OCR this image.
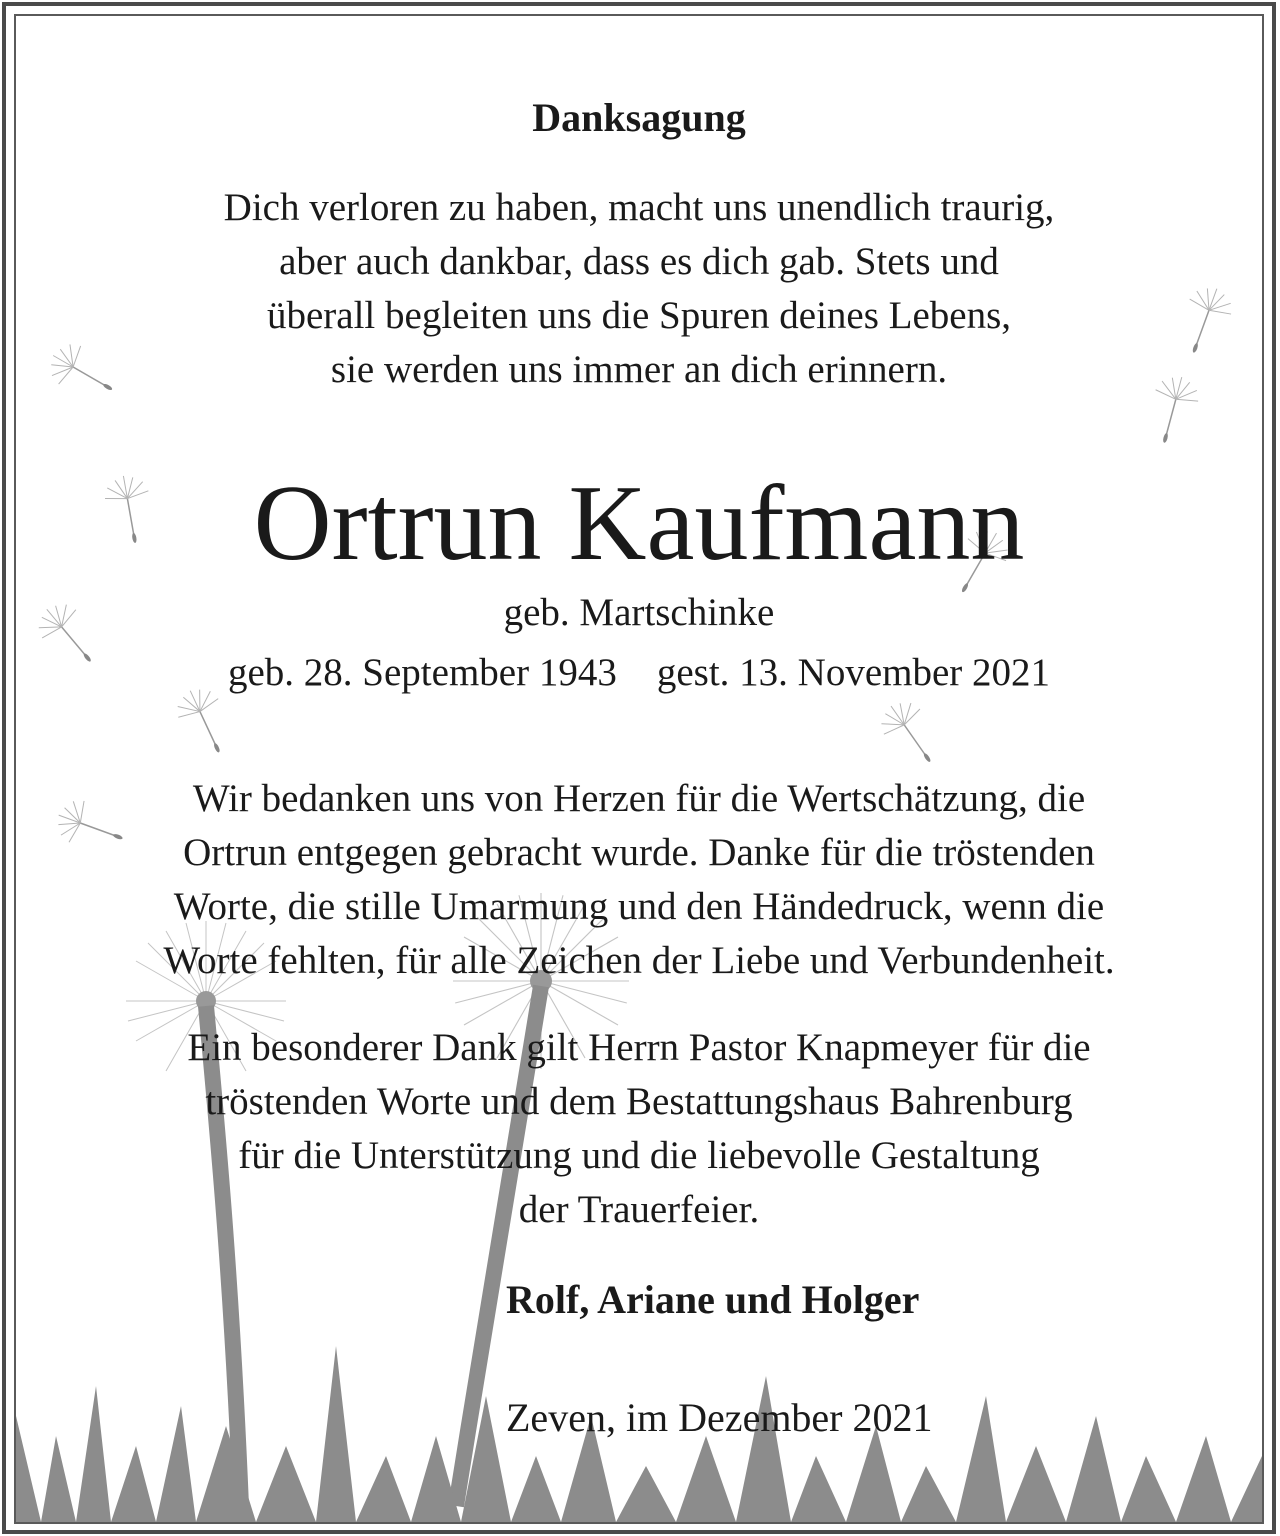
Danksagung

Dich verloren zu haben, macht uns unendlich traurig,
aber auch dankbar, dass es dich gab. Stets und
überall begleiten uns die Spuren deines Lebens,
sie werden uns immer an dich erinnern.

Ortrun Kaufmann

geb. Martschinke

geb. 28. September 1943 gest. 13. November 2021

Wir bedanken uns von Herzen für die Wertschätzung, die
Ortrun entgegen gebracht wurde. Danke für die tröstenden
Worte, die stille Umarmung und den Händedruck, wenn die
Worte fehlten, für alle Zeichen der Liebe und Verbundenheit.

Ein besonderer Dank gilt Herrn Pastor Knapmeyer für die
tröstenden Worte und dem Bestattungshaus Bahrenburg
für die Unterstützung und die liebevolle Gestaltung
der Trauerfeier.

Rolf, Ariane und Holger

Zeven, im Dezember 2021
